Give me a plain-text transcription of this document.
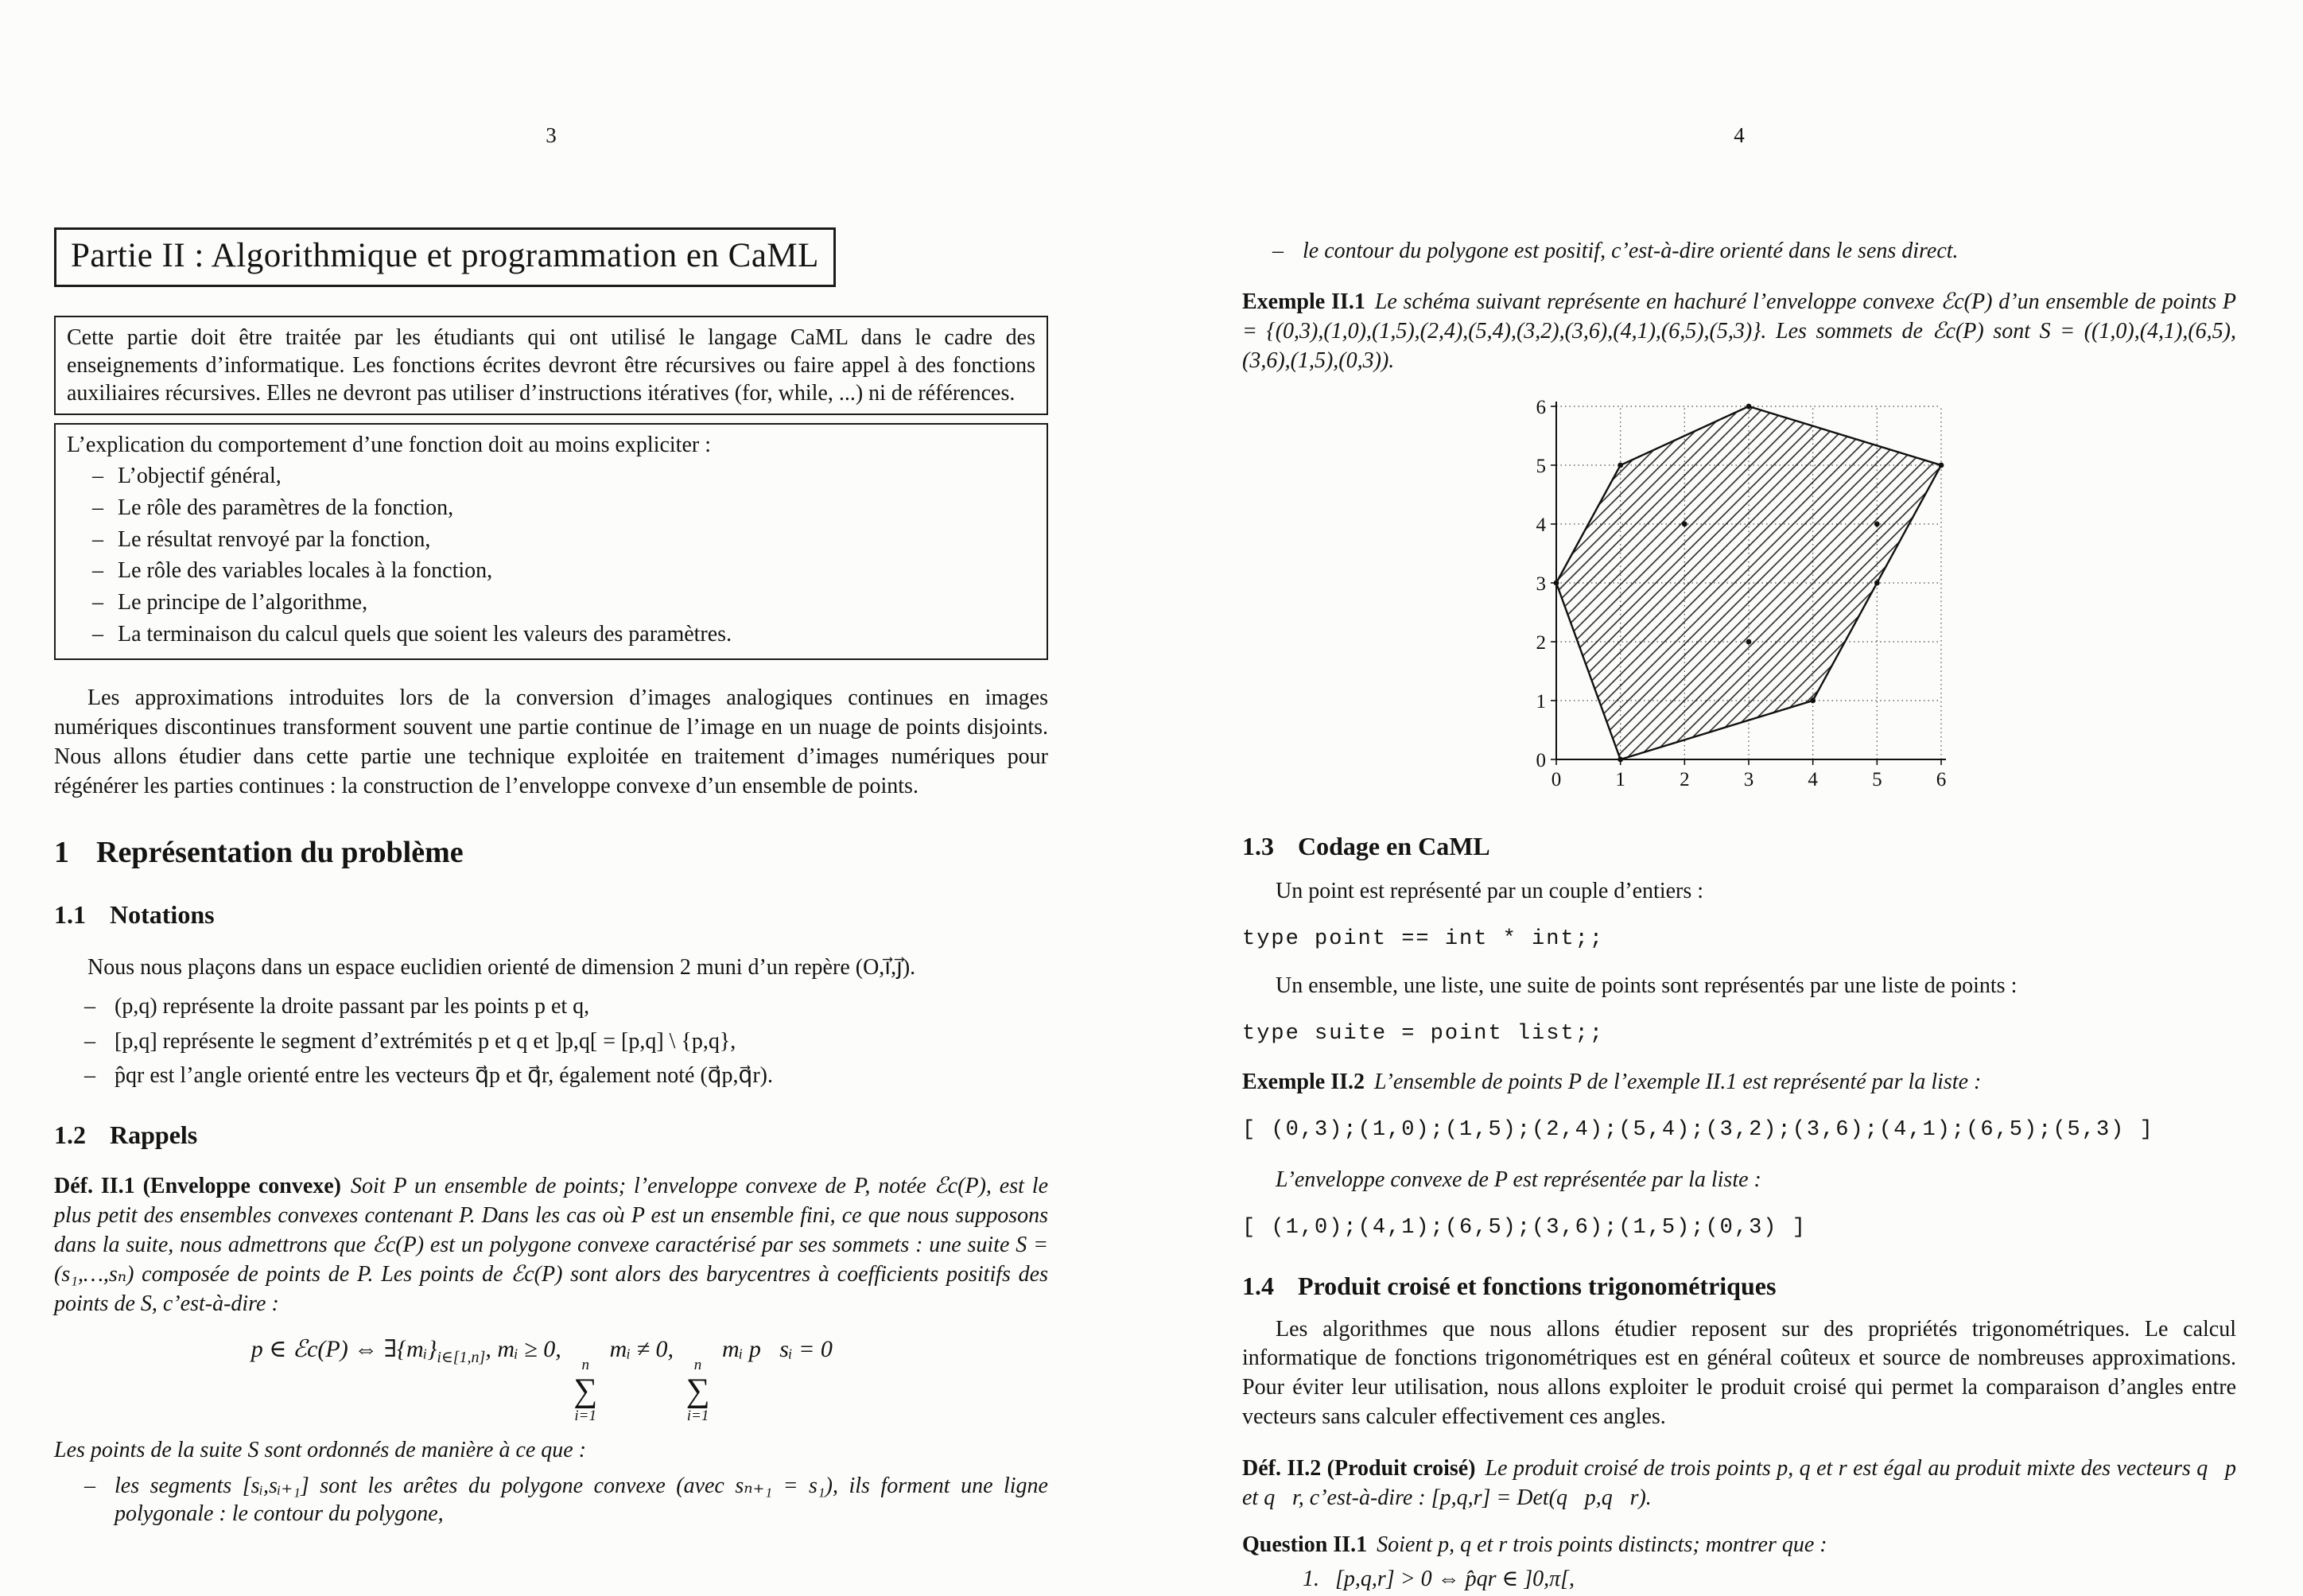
3
Partie II : Algorithmique et programmation en CaML

Cette partie doit être traitée par les étudiants qui ont utilisé le langage CaML dans le cadre des enseignements d’informatique. Les fonctions écrites devront être récursives ou faire appel à des fonctions auxiliaires récursives. Elles ne devront pas utiliser d’instructions itératives (for, while, ...) ni de références.

L’explication du comportement d’une fonction doit au moins expliciter :

– L’objectif général,
– Le rôle des paramètres de la fonction,
– Le résultat renvoyé par la fonction,
– Le rôle des variables locales à la fonction,
– Le principe de l’algorithme,
– La terminaison du calcul quels que soient les valeurs des paramètres.

Les approximations introduites lors de la conversion d’images analogiques continues en images numériques discontinues transforment souvent une partie continue de l’image en un nuage de points disjoints. Nous allons étudier dans cette partie une technique exploitée en traitement d’images numériques pour régénérer les parties continues : la construction de l’enveloppe convexe d’un ensemble de points.

1 Représentation du problème
1.1 Notations

Nous nous plaçons dans un espace euclidien orienté de dimension 2 muni d’un repère (O,ı⃗,ȷ⃗).

– (p,q) représente la droite passant par les points p et q,
– [p,q] représente le segment d’extrémités p et q et ]p,q[ = [p,q] \ {p,q},
– p̂qr est l’angle orienté entre les vecteurs q⃗p et q⃗r, également noté (q⃗p,q⃗r).
1.2 Rappels

Déf. II.1 (Enveloppe convexe) Soit P un ensemble de points; l’enveloppe convexe de P, notée ℰc(P), est le plus petit des ensembles convexes contenant P. Dans les cas où P est un ensemble fini, ce que nous supposons dans la suite, nous admettrons que ℰc(P) est un polygone convexe caractérisé par ses sommets : une suite S = (s₁,…,sₙ) composée de points de P. Les points de ℰc(P) sont alors des barycentres à coefficients positifs des points de S, c’est-à-dire :

p ∈ ℰc(P) ⇔ $\exists\{mᵢ\}_{i\in[1,n]}$, mᵢ ≥ 0,
n
∑
i=1
mᵢ ≠ 0,
n
∑
i=1
mᵢ p⃗sᵢ = 0⃗

Les points de la suite S sont ordonnés de manière à ce que :

– les segments [sᵢ,sᵢ₊₁] sont les arêtes du polygone convexe (avec sₙ₊₁ = s₁), ils forment une ligne polygonale : le contour du polygone,
4
– le contour du polygone est positif, c’est-à-dire orienté dans le sens direct.

Exemple II.1 Le schéma suivant représente en hachuré l’enveloppe convexe ℰc(P) d’un ensemble de points P = {(0,3),(1,0),(1,5),(2,4),(5,4),(3,2),(3,6),(4,1),(6,5),(5,3)}. Les sommets de ℰc(P) sont S = ((1,0),(4,1),(6,5),(3,6),(1,5),(0,3)).

0	1	2	3	4	5	6
0
1
2
3
4
5
6
1.3 Codage en CaML

Un point est représenté par un couple d’entiers :

type point == int * int;;

Un ensemble, une liste, une suite de points sont représentés par une liste de points :

type suite = point list;;

Exemple II.2 L’ensemble de points P de l’exemple II.1 est représenté par la liste :

[ (0,3);(1,0);(1,5);(2,4);(5,4);(3,2);(3,6);(4,1);(6,5);(5,3) ]

L’enveloppe convexe de P est représentée par la liste :

[ (1,0);(4,1);(6,5);(3,6);(1,5);(0,3) ]
1.4 Produit croisé et fonctions trigonométriques

Les algorithmes que nous allons étudier reposent sur des propriétés trigonométriques. Le calcul informatique de fonctions trigonométriques est en général coûteux et source de nombreuses approximations. Pour éviter leur utilisation, nous allons exploiter le produit croisé qui permet la comparaison d’angles entre vecteurs sans calculer effectivement ces angles.

Déf. II.2 (Produit croisé) Le produit croisé de trois points p, q et r est égal au produit mixte des vecteurs q⃗p et q⃗r, c’est-à-dire : [p,q,r] = Det(q⃗p,q⃗r).

Question II.1 Soient p, q et r trois points distincts; montrer que :

1. [p,q,r] > 0 ⇔ p̂qr ∈ ]0,π[,
